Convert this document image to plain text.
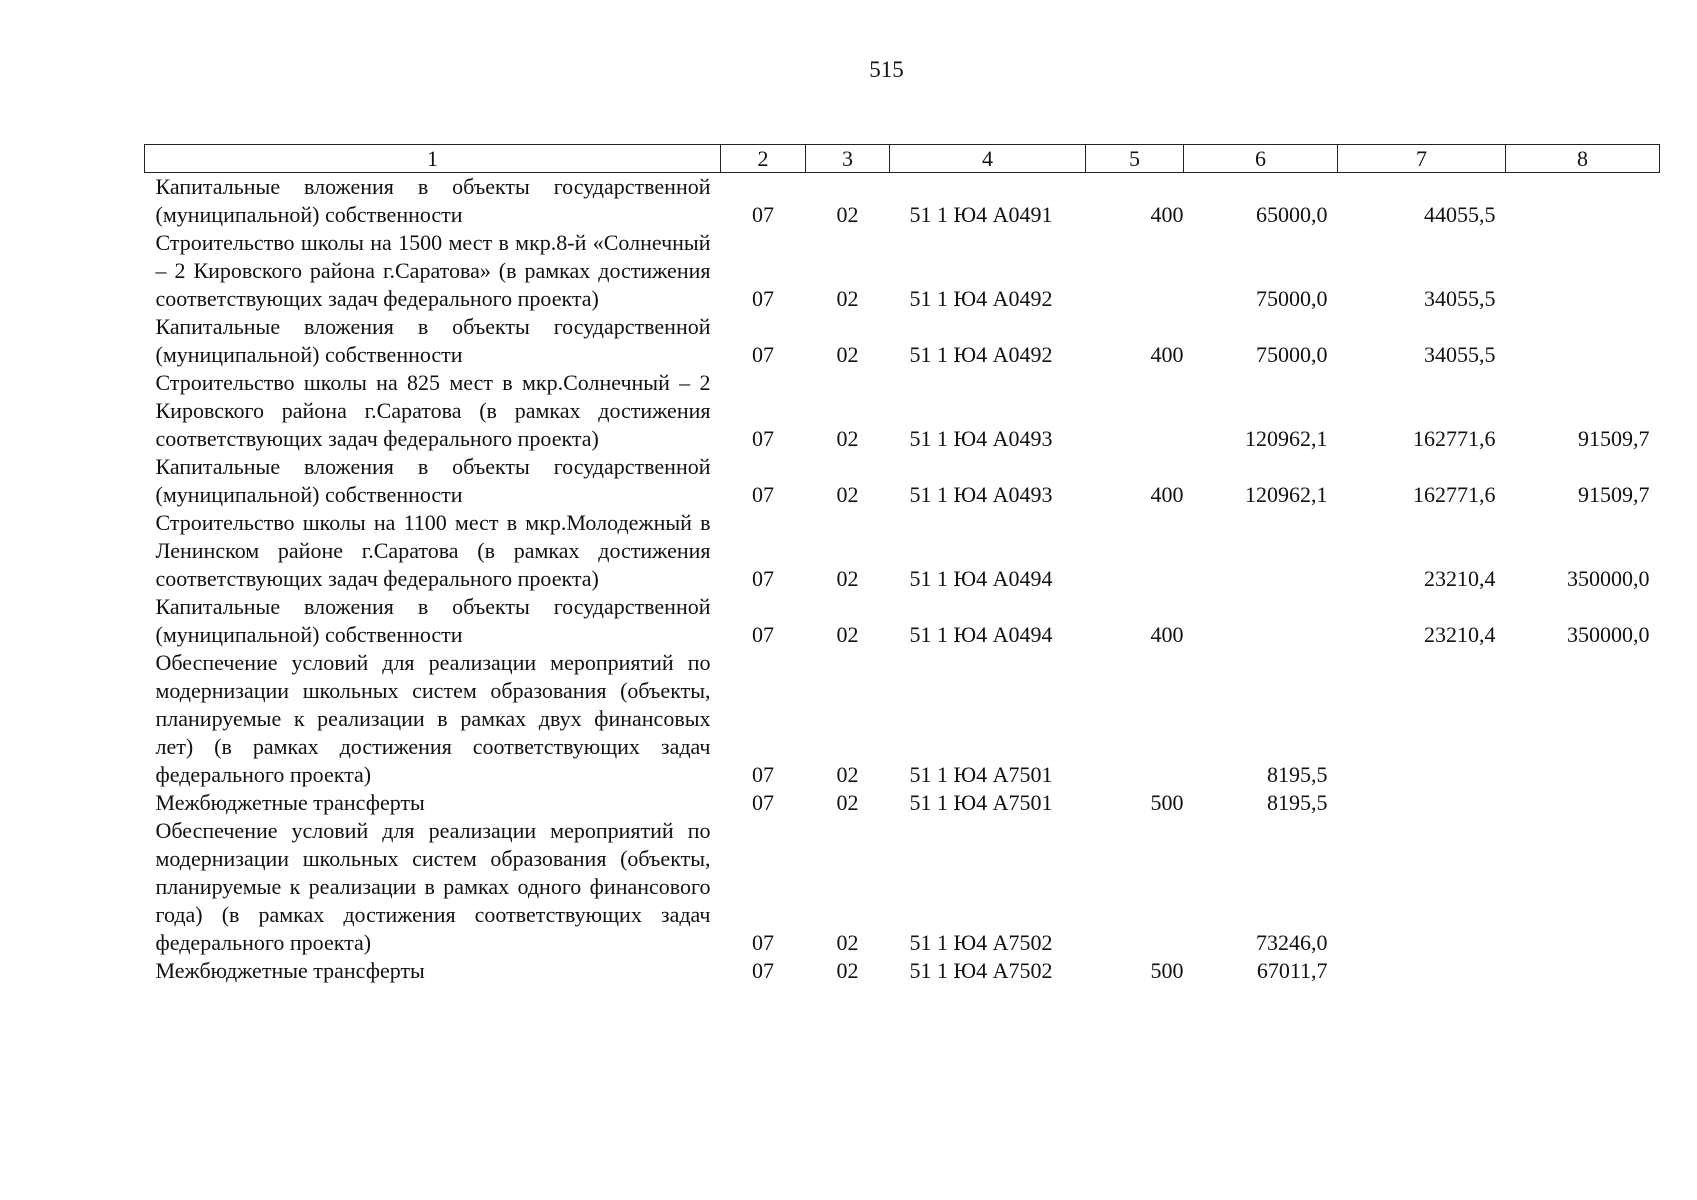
515
1	2	3	4	5	6	7	8
Капитальные вложения в объекты государственной (муниципальной) собственности	07	02	51 1 Ю4 А0491	400	65000,0	44055,5	
Строительство школы на 1500 мест в мкр.8-й «Солнечный – 2 Кировского района г.Саратова» (в рамках достижения соответствующих задач федерального проекта)	07	02	51 1 Ю4 А0492		75000,0	34055,5	
Капитальные вложения в объекты государственной (муниципальной) собственности	07	02	51 1 Ю4 А0492	400	75000,0	34055,5	
Строительство школы на 825 мест в мкр.Солнечный – 2 Кировского района г.Саратова (в рамках достижения соответствующих задач федерального проекта)	07	02	51 1 Ю4 А0493		120962,1	162771,6	91509,7
Капитальные вложения в объекты государственной (муниципальной) собственности	07	02	51 1 Ю4 А0493	400	120962,1	162771,6	91509,7
Строительство школы на 1100 мест в мкр.Молодежный в Ленинском районе г.Саратова (в рамках достижения соответствующих задач федерального проекта)	07	02	51 1 Ю4 А0494			23210,4	350000,0
Капитальные вложения в объекты государственной (муниципальной) собственности	07	02	51 1 Ю4 А0494	400		23210,4	350000,0
Обеспечение условий для реализации мероприятий по модернизации школьных систем образования (объекты, планируемые к реализации в рамках двух финансовых лет) (в рамках достижения соответствующих задач федерального проекта)	07	02	51 1 Ю4 А7501		8195,5		
Межбюджетные трансферты	07	02	51 1 Ю4 А7501	500	8195,5		
Обеспечение условий для реализации мероприятий по модернизации школьных систем образования (объекты, планируемые к реализации в рамках одного финансового года) (в рамках достижения соответствующих задач федерального проекта)	07	02	51 1 Ю4 А7502		73246,0		
Межбюджетные трансферты	07	02	51 1 Ю4 А7502	500	67011,7		
